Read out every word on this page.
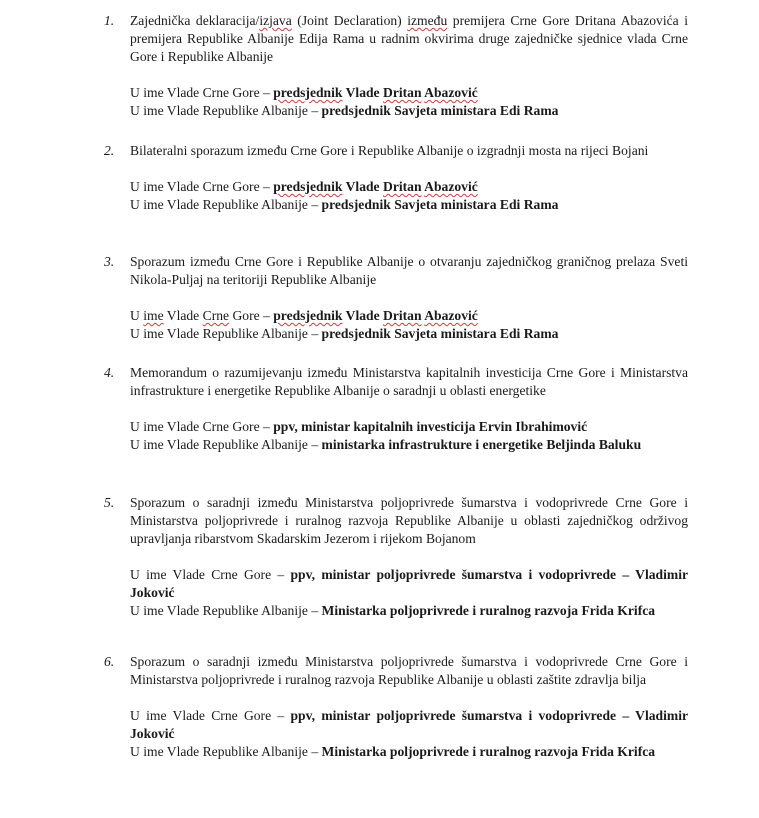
1.	Zajednička deklaracija/izjava (Joint Declaration) između premijera Crne Gore Dritana Abazovića i premijera Republike Albanije Edija Rama u radnim okvirima druge zajedničke sjednice vlada Crne Gore i Republike Albanije
U ime Vlade Crne Gore – predsjednik Vlade Dritan Abazović
U ime Vlade Republike Albanije – predsjednik Savjeta ministara Edi Rama
2.	Bilateralni sporazum između Crne Gore i Republike Albanije o izgradnji mosta na rijeci Bojani
U ime Vlade Crne Gore – predsjednik Vlade Dritan Abazović
U ime Vlade Republike Albanije – predsjednik Savjeta ministara Edi Rama
3.	Sporazum između Crne Gore i Republike Albanije o otvaranju zajedničkog graničnog prelaza Sveti Nikola-Puljaj na teritoriji Republike Albanije
U ime Vlade Crne Gore – predsjednik Vlade Dritan Abazović
U ime Vlade Republike Albanije – predsjednik Savjeta ministara Edi Rama
4.	Memorandum o razumijevanju između Ministarstva kapitalnih investicija Crne Gore i Ministarstva infrastrukture i energetike Republike Albanije o saradnji u oblasti energetike
U ime Vlade Crne Gore – ppv, ministar kapitalnih investicija Ervin Ibrahimović
U ime Vlade Republike Albanije – ministarka infrastrukture i energetike Beljinda Baluku
5.	Sporazum o saradnji između Ministarstva poljoprivrede šumarstva i vodoprivrede Crne Gore i Ministarstva poljoprivrede i ruralnog razvoja Republike Albanije u oblasti zajedničkog održivog upravljanja ribarstvom Skadarskim Jezerom i rijekom Bojanom
U ime Vlade Crne Gore – ppv, ministar poljoprivrede šumarstva i vodoprivrede – Vladimir Joković
U ime Vlade Republike Albanije – Ministarka poljoprivrede i ruralnog razvoja Frida Krifca
6.	Sporazum o saradnji između Ministarstva poljoprivrede šumarstva i vodoprivrede Crne Gore i Ministarstva poljoprivrede i ruralnog razvoja Republike Albanije u oblasti zaštite zdravlja bilja
U ime Vlade Crne Gore – ppv, ministar poljoprivrede šumarstva i vodoprivrede – Vladimir Joković
U ime Vlade Republike Albanije – Ministarka poljoprivrede i ruralnog razvoja Frida Krifca
